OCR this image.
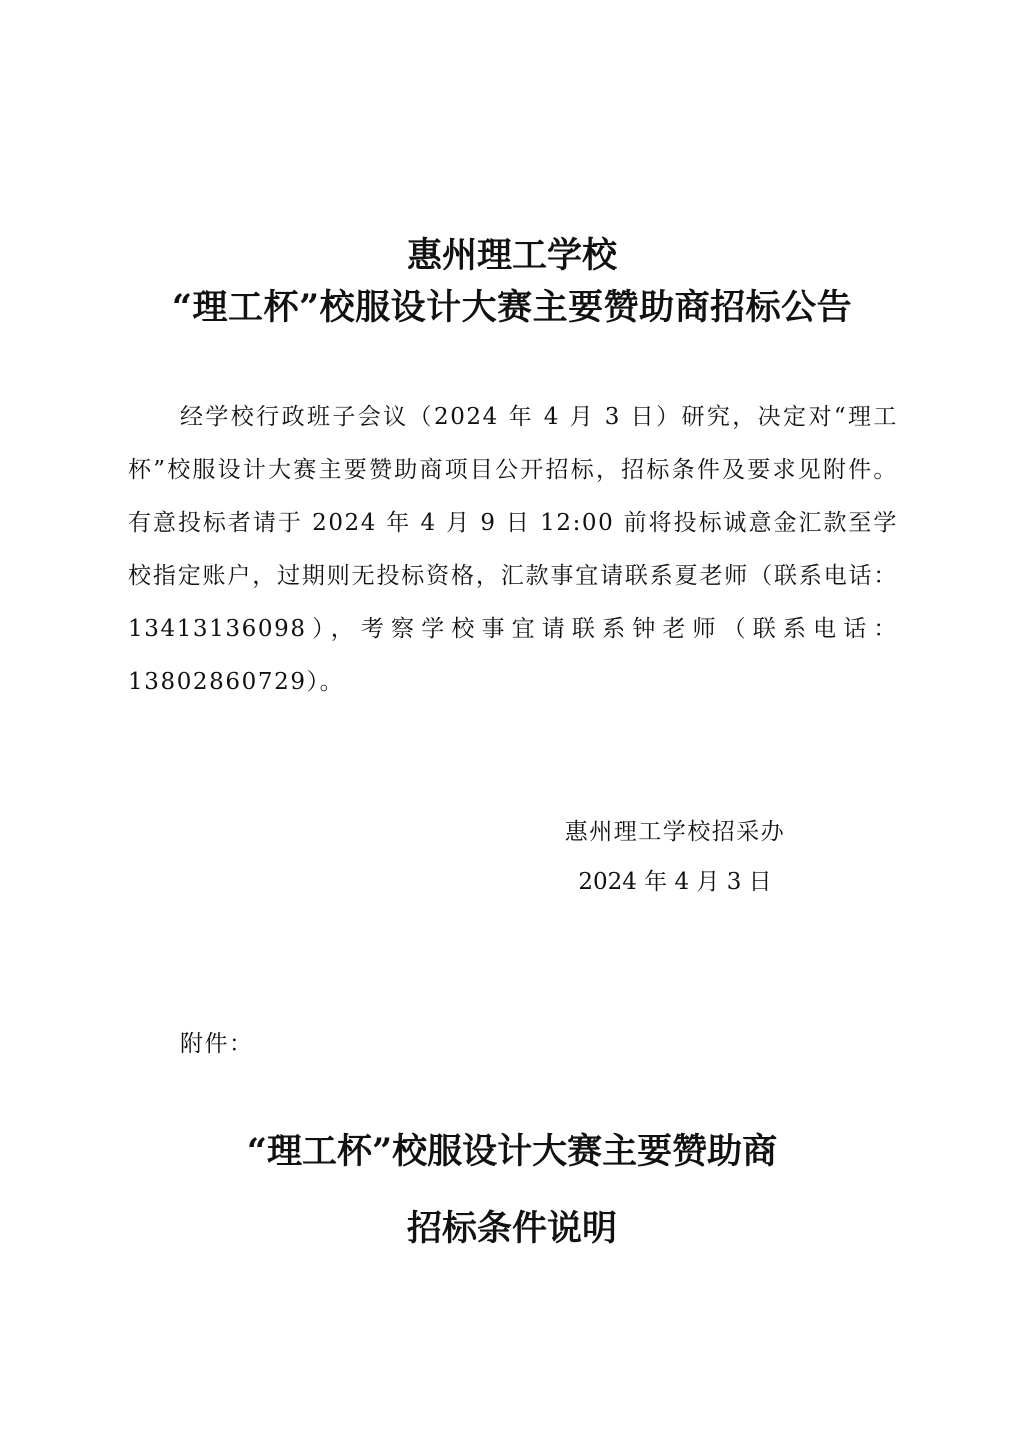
惠州理工学校
“理工杯”校服设计大赛主要赞助商招标公告
经学校行政班子会议（2024 年 4 月 3 日）研究，决定对“理工杯”校服设计大赛主要赞助商项目公开招标，招标条件及要求见附件。有意投标者请于 2024 年 4 月 9 日 12:00 前将投标诚意金汇款至学校指定账户，过期则无投标资格，汇款事宜请联系夏老师（联系电话：13413136098），考察学校事宜请联系钟老师（联系电话：13802860729）。
惠州理工学校招采办
2024 年 4 月 3 日
附件：
“理工杯”校服设计大赛主要赞助商
招标条件说明
